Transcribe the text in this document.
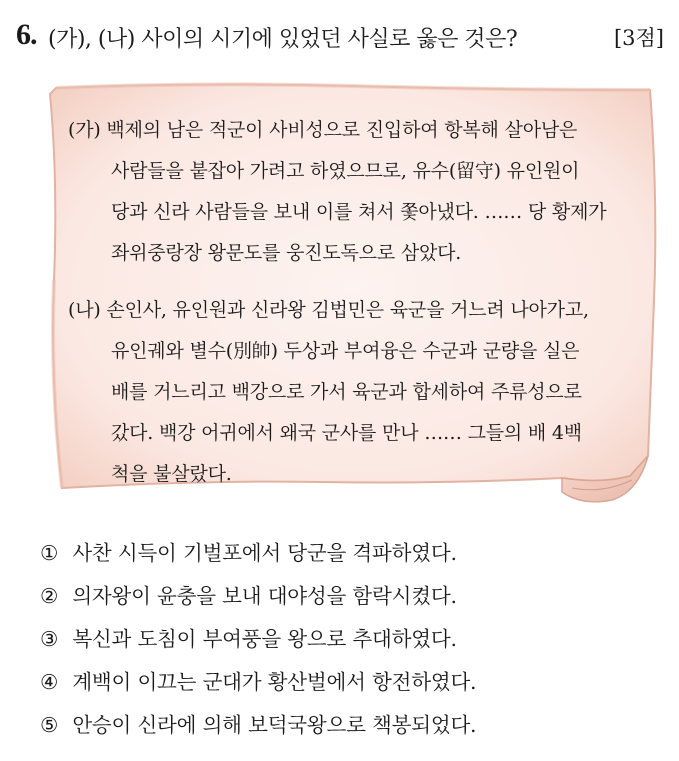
6. (가), (나) 사이의 시기에 있었던 사실로 옳은 것은?	[3점]
(가) 백제의 남은 적군이 사비성으로 진입하여 항복해 살아남은
사람들을 붙잡아 가려고 하였으므로, 유수(留守) 유인원이
당과 신라 사람들을 보내 이를 쳐서 쫓아냈다. …… 당 황제가
좌위중랑장 왕문도를 웅진도독으로 삼았다.
(나) 손인사, 유인원과 신라왕 김법민은 육군을 거느려 나아가고,
유인궤와 별수(別帥) 두상과 부여융은 수군과 군량을 실은
배를 거느리고 백강으로 가서 육군과 합세하여 주류성으로
갔다. 백강 어귀에서 왜국 군사를 만나 …… 그들의 배 4백
척을 불살랐다.
① 사찬 시득이 기벌포에서 당군을 격파하였다.
② 의자왕이 윤충을 보내 대야성을 함락시켰다.
③ 복신과 도침이 부여풍을 왕으로 추대하였다.
④ 계백이 이끄는 군대가 황산벌에서 항전하였다.
⑤ 안승이 신라에 의해 보덕국왕으로 책봉되었다.
